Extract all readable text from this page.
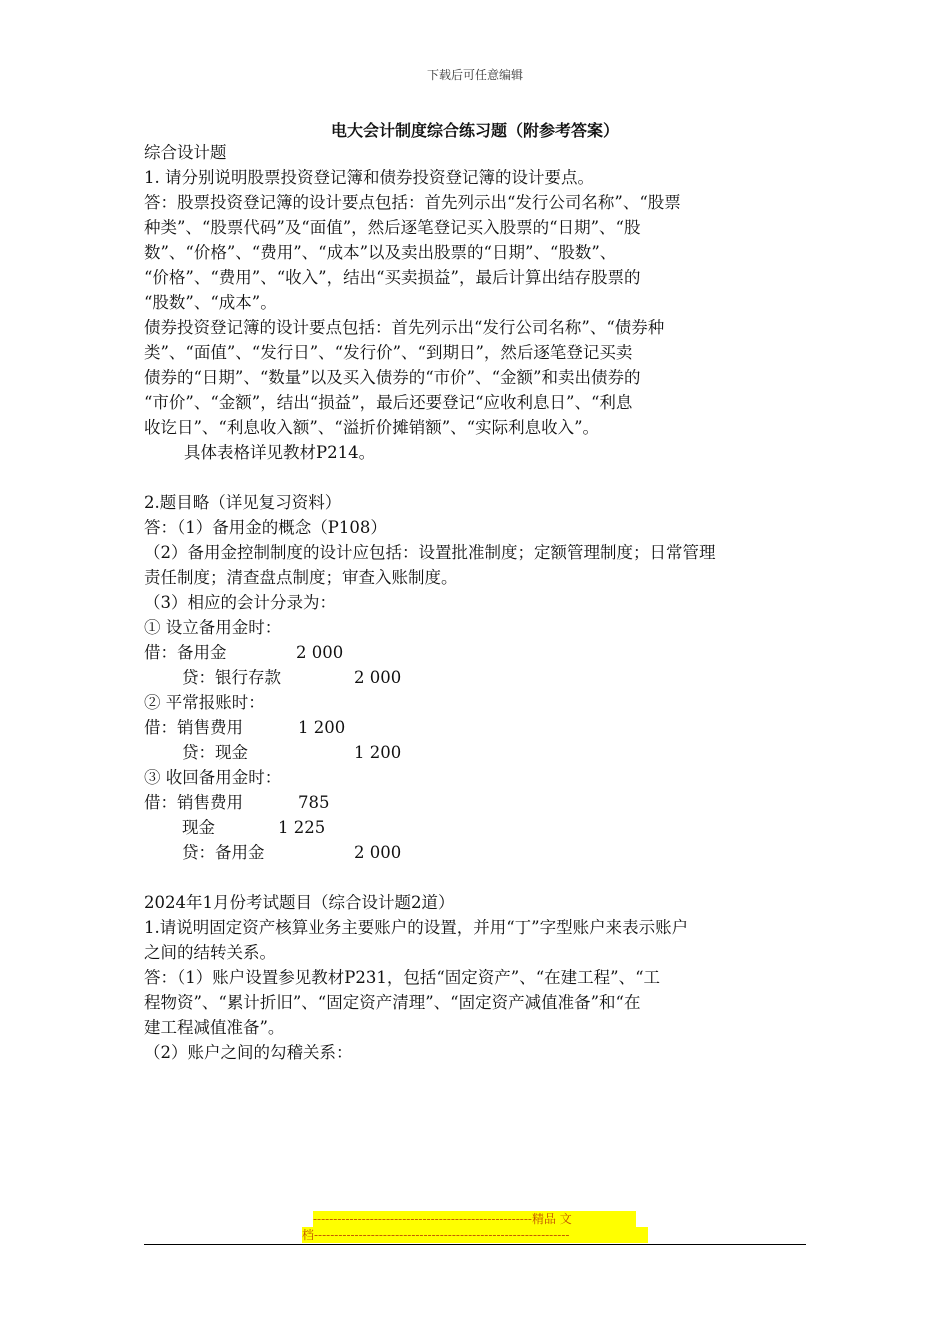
下载后可任意编辑
电大会计制度综合练习题（附参考答案）
综合设计题
1. 请分别说明股票投资登记簿和债券投资登记簿的设计要点。
答：股票投资登记簿的设计要点包括：首先列示出“发行公司名称”、“股票
种类”、“股票代码”及“面值”，然后逐笔登记买入股票的“日期”、“股
数”、“价格”、“费用”、“成本”以及卖出股票的“日期”、“股数”、
“价格”、“费用”、“收入”，结出“买卖损益”，最后计算出结存股票的
“股数”、“成本”。
债券投资登记簿的设计要点包括：首先列示出“发行公司名称”、“债券种
类”、“面值”、“发行日”、“发行价”、“到期日”，然后逐笔登记买卖
债券的“日期”、“数量”以及买入债券的“市价”、“金额”和卖出债券的
“市价”、“金额”，结出“损益”，最后还要登记“应收利息日”、“利息
收讫日”、“利息收入额”、“溢折价摊销额”、“实际利息收入”。
具体表格详见教材P214。
2.题目略（详见复习资料）
答：（1）备用金的概念（P108）
（2）备用金控制制度的设计应包括：设置批准制度；定额管理制度；日常管理
责任制度；清查盘点制度；审查入账制度。
（3）相应的会计分录为：
① 设立备用金时：
借：备用金	2 000
贷：银行存款	2 000
② 平常报账时：
借：销售费用	1 200
贷：现金	1 200
③ 收回备用金时：
借：销售费用	785
现金	1 225
贷：备用金	2 000
2024年1月份考试题目（综合设计题2道）
1.请说明固定资产核算业务主要账户的设置，并用“丁”字型账户来表示账户
之间的结转关系。
答：（1）账户设置参见教材P231，包括“固定资产”、“在建工程”、“工
程物资”、“累计折旧”、“固定资产清理”、“固定资产减值准备”和“在
建工程减值准备”。
（2）账户之间的勾稽关系：
------------------------------------------------------精品 文
档---------------------------------------------------------------
